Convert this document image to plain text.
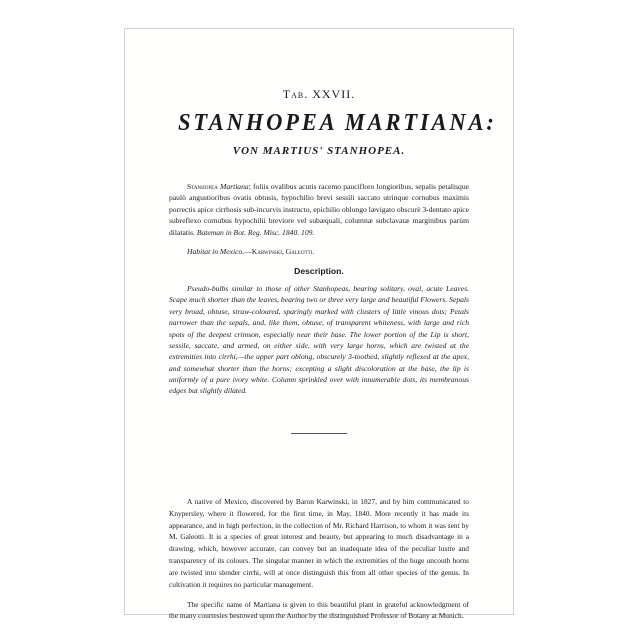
Tab. XXVII.
STANHOPEA MARTIANA:
VON MARTIUS' STANHOPEA.

Stanhopea Martiana; foliis ovalibus acutis racemo paucifloro longioribus, sepalis petalisque paulò angustioribus ovatis obtusis, hypochilio brevi sessili saccato utrinque cornubus maximis porrectis apice cirrhosis sub-incurvis instructo, epichilio oblongo lævigato obscurè 3-dentato apice subreflexo cornubus hypochilii breviore vel subæquali, columnæ subclavatæ marginibus parùm dilatatis. Bateman in Bot. Reg. Misc. 1840. 109.

Habitat in Mexico.—Karwinski, Galeotti.

Description.

Pseudo-bulbs similar to those of other Stanhopeas, bearing solitary, oval, acute Leaves. Scape much shorter than the leaves, bearing two or three very large and beautiful Flowers. Sepals very broad, obtuse, straw-coloured, sparingly marked with clusters of little vinous dots; Petals narrower than the sepals, and, like them, obtuse, of transparent whiteness, with large and rich spots of the deepest crimson, especially near their base. The lower portion of the Lip is short, sessile, saccate, and armed, on either side, with very large horns, which are twisted at the extremities into cirrhi,—the upper part oblong, obscurely 3-toothed, slightly reflexed at the apex, and somewhat shorter than the horns; excepting a slight discoloration at the base, the lip is uniformly of a pure ivory white. Column sprinkled over with innumerable dots, its membranous edges but slightly dilated.

A native of Mexico, discovered by Baron Karwinski, in 1827, and by him communicated to Knypersley, where it flowered, for the first time, in May, 1840. More recently it has made its appearance, and in high perfection, in the collection of Mr. Richard Harrison, to whom it was sent by M. Galeotti. It is a species of great interest and beauty, but appearing to much disadvantage in a drawing, which, however accurate, can convey but an inadequate idea of the peculiar lustre and transparency of its colours. The singular manner in which the extremities of the huge uncouth horns are twisted into slender cirrhi, will at once distinguish this from all other species of the genus. In cultivation it requires no particular management.

The specific name of Martiana is given to this beautiful plant in grateful acknowledgment of the many courtesies bestowed upon the Author by the distinguished Professor of Botany at Munich.
